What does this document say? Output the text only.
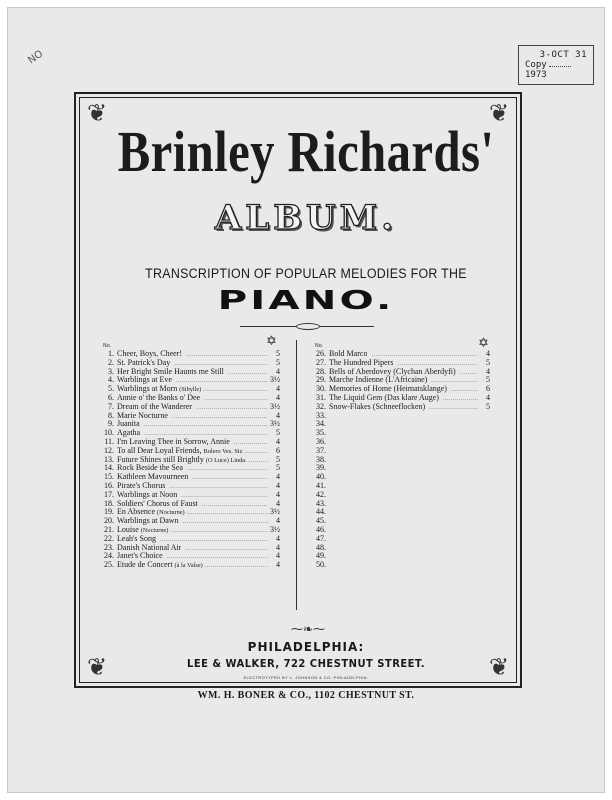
NO	3-OCT 31
Copy1973
❦	❦
❦	❦
Brinley Richards'
ALBUM.
TRANSCRIPTION OF POPULAR MELODIES FOR THE
PIANO.
No.	✡	No.	✡
1. Cheer, Boys, Cheer! .....	5
2. St. Patrick's Day .....	5
3. Her Bright Smile Haunts me Still .....	4
4. Warblings at Eve .....	3½
5. Warblings at Morn (Sibylle) .....	4
6. Annie o' the Banks o' Dee .....	4
7. Dream of the Wanderer .....	3½
8. Marie Nocturne .....	4
9. Juanita .....	3½
10. Agatha .....	5
11. I'm Leaving Thee in Sorrow, Annie .....	4
12. To all Dear Loyal Friends, Bolero Ves. Siz .....	6
13. Future Shines still Brightly (O Luce) Linda. .....	5
14. Rock Beside the Sea .....	5
15. Kathleen Mavourneen .....	4
16. Pirate's Chorus .....	4
17. Warblings at Noon .....	4
18. Soldiers' Chorus of Faust .....	4
19. En Absence (Nocturne) .....	3½
20. Warblings at Dawn .....	4
21. Louise (Nocturne) .....	3½
22. Leah's Song .....	4
23. Danish National Air .....	4
24. Janet's Choice .....	4
25. Etude de Concert (à la Valse) .....	4
26. Bold Marco .....	4
27. The Hundred Pipers .....	5
28. Bells of Aberdovey (Clychan Aberdyfi) .....	4
29. Marche Indienne (L'Africaine) .....	5
30. Memories of Home (Heimatsklange) .....	6
31. The Liquid Gem (Das klare Auge) .....	4
32. Snow-Flakes (Schneeflocken) .....	5
33.
34.
35.
36.
37.
38.
39.
40.
41.
42.
43.
44.
45.
46.
47.
48.
49.
50.
⁓❧⁓
PHILADELPHIA:
LEE & WALKER, 722 CHESTNUT STREET.
ELECTROTYPED BY L. JOHNSON & CO. PHILADELPHIA.
WM. H. BONER & CO., 1102 CHESTNUT ST.
